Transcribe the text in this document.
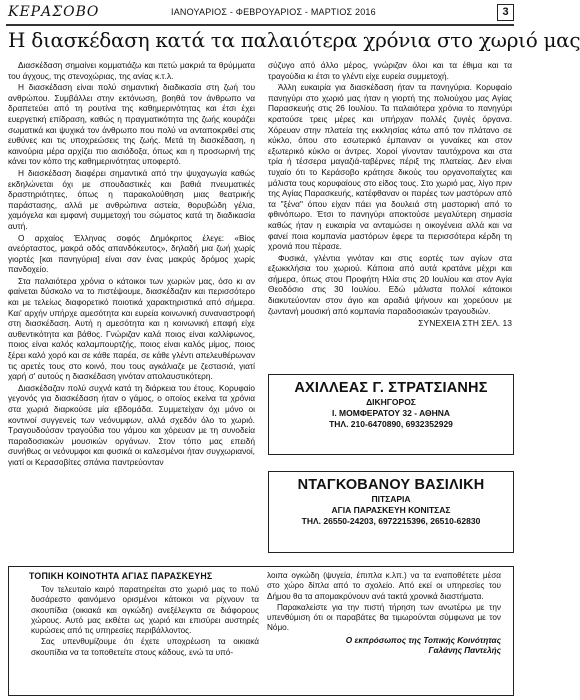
ΚΕΡΑΣΟΒΟ	ΙΑΝΟΥΑΡΙΟΣ - ΦΕΒΡΟΥΑΡΙΟΣ - ΜΑΡΤΙΟΣ 2016	3
Η διασκέδαση κατά τα παλαιότερα χρόνια στο χωριό μας

Διασκέδαση σημαίνει κομματιάζω και πετώ μακριά τα θρύμματα του άγχους, της στενοχώριας, της ανίας κ.τ.λ.

Η διασκέδαση είναι πολύ σημαντική διαδικασία στη ζωή του ανθρώπου. Συμβάλλει στην εκτόνωση, βοηθά τον άνθρωπο να δραπετεύει από τη ρουτίνα της καθημερινότητας και έτσι έχει ευεργετική επίδραση, καθώς η πραγματικότητα της ζωής κουράζει σωματικά και ψυχικά τον άνθρωπο που πολύ να ανταποκριθεί στις ευθύνες και τις υποχρεώσεις της ζωής. Μετά τη διασκέδαση, η καινούρια μέρα αρχίζει πιο αισιόδοξα, όπως και η προσωρινή της κάνει τον κόπο της καθημερινότητας υποφερτό.

Η διασκέδαση διαφέρει σημαντικά από την ψυχαγωγία καθώς εκδηλώνεται όχι με σπουδαστικές και βαθιά πνευματικές δραστηριότητες, όπως η παρακολούθηση μιας θεατρικής παράστασης, αλλά με ανθρώπινα αστεία, θορυβώδη γέλια, χαμόγελα και εμφανή συμμετοχή του σώματος κατά τη διαδικασία αυτή.

Ο αρχαίος Έλληνας σοφός Δημόκριτος έλεγε: «Βίος ανεόρταστος, μακρά οδός απανδόκευτος», δηλαδή μια ζωή χωρίς γιορτές [και πανηγύρια] είναι σαν ένας μακρύς δρόμος χωρίς πανδοχείο.

Στα παλαιότερα χρόνια ο κάτοικοι των χωριών μας, όσο κι αν φαίνεται δύσκολο να το πιστέψουμε, διασκέδαζαν και περισσότερο και με τελείως διαφορετικό ποιοτικά χαρακτηριστικά από σήμερα. Και' αρχήν υπήρχε αμεσότητα και ευρεία κοινωνική συναναστροφή στη διασκέδαση. Αυτή η αμεσότητα και η κοινωνική επαφή είχε αυθεντικότητα και βάθος. Γνώριζαν καλά ποιος είναι καλλίφωνος, ποιος είναι καλός καλαμπουρτζής, ποιος είναι καλός μίμος, ποιος ξέρει καλό χορό και σε κάθε παρέα, σε κάθε γλέντι απελευθέρωναν τις αρετές τους στο κοινό, που τους αγκάλιαζε με ζεστασιά, γιατί χαρή σ' αυτούς η διασκέδαση γινόταν απολαυστικότερη.

Διασκέδαζαν πολύ συχνά κατά τη διάρκεια του έτους. Κορυφαίο γεγονός για διασκέδαση ήταν ο γάμος, ο οποίος εκείνα τα χρόνια στα χωριά διαρκούσε μία εβδομάδα. Συμμετείχαν όχι μόνο οι κοντινοί συγγενείς των νεόνυμφων, αλλά σχεδόν όλο το χωριό. Τραγουδούσαν τραγούδια του γάμου και χόρευαν με τη συνοδεία παραδοσιακών μουσικών οργάνων. Στον τόπο μας επειδή συνήθως οι νεόνυμφοι και φυσικά οι καλεσμένοι ήταν συγχωριανοί, γιατί οι Κερασοβίτες σπάνια παντρεύονταν

σύζυγο από άλλο μέρος, γνώριζαν όλοι και τα έθιμα και τα τραγούδια κι έτσι το γλέντι είχε ευρεία συμμετοχή.

Άλλη ευκαιρία για διασκέδαση ήταν τα πανηγύρια. Κορυφαίο πανηγύρι στο χωριό μας ήταν η γιορτή της πολιούχου μας Αγίας Παρασκευής στις 26 Ιουλίου. Τα παλαιότερα χρόνια το πανηγύρι κρατούσε τρεις μέρες και υπήρχαν πολλές ζυγιές όργανα. Χόρευαν στην πλατεία της εκκλησίας κάτω από τον πλάτανο σε κύκλο, όπου στο εσωτερικό έμπαιναν οι γυναίκες και στον εξωτερικό κύκλο οι άντρες. Χοροί γίνονταν ταυτόχρονα και στα τρία ή τέσσερα μαγαζιά-ταβέρνες πέριξ της πλατείας. Δεν είναι τυχαίο ότι το Κεράσοβο κράτησε δικούς του οργανοπαίχτες και μάλιστα τους κορυφαίους στο είδος τους. Στο χωριό μας, λίγο πριν της Αγίας Παρασκευής, κατέφθαναν οι παρέες των μαστόρων από τα "ξένα" όπου είχαν πάει για δουλειά στη μαστορική από το φθινόπωρο. Έτσι το πανηγύρι αποκτούσε μεγαλύτερη σημασία καθώς ήταν η ευκαιρία να ανταμώσει η οικογένεια αλλά και να φανεί ποια κομπανία μαστόρων έφερε τα περισσότερα κέρδη τη χρονιά που πέρασε.

Φυσικά, γλέντια γινόταν και στις εορτές των αγίων στα εξωκκλήσια του χωριού. Κάποια από αυτά κρατάνε μέχρι και σήμερα, όπως στου Προφήτη Ηλία στις 20 Ιουλίου και στον Αγία Θεοδόσιο στις 30 Ιουλίου. Εδώ μάλιστα πολλοί κάτοικοι διακυτεύονταν στον άγιο και αραδιά ψήνουν και χορεύουν με ζωντανή μουσική από κομπανία παραδοσιακών τραγουδιών.

ΣΥΝΕΧΕΙΑ ΣΤΗ ΣΕΛ. 13
ΑΧΙΛΛΕΑΣ Γ. ΣΤΡΑΤΣΙΑΝΗΣ
ΔΙΚΗΓΟΡΟΣ
Ι. ΜΟΜΦΕΡΑΤΟΥ 32 - ΑΘΗΝΑ
ΤΗΛ. 210-6470890, 6932352929
ΝΤΑΓΚΟΒΑΝΟΥ ΒΑΣΙΛΙΚΗ
ΠΙΤΣΑΡΙΑ
ΑΓΙΑ ΠΑΡΑΣΚΕΥΗ ΚΟΝΙΤΣΑΣ
ΤΗΛ. 26550-24203, 6972215396, 26510-62830
ΤΟΠΙΚΗ ΚΟΙΝΟΤΗΤΑ ΑΓΙΑΣ ΠΑΡΑΣΚΕΥΗΣ

Τον τελευταίο καιρό παρατηρείται στο χωριό μας το πολύ δυσάρεστο φαινόμενο ορισμένοι κάτοικοι να ρίχνουν τα σκουπίδια (οικιακά και ογκώδη) ανεξέλεγκτα σε διάφορους χώρους. Αυτό μας εκθέτει ως χωριό και επισύρει αυστηρές κυρώσεις από τις υπηρεσίες περιβάλλοντος.

Σας υπενθυμίζουμε ότι έχετε υποχρέωση τα οικιακά σκουπίδια να τα τοποθετείτε στους κάδους, ενώ τα υπό-

λοιπα ογκώδη (ψυγεία, έπιπλα κ.λπ.) να τα εναποθέτετε μέσα στο χώρο δίπλα από το σχολείο. Από εκεί οι υπηρεσίες του Δήμου θα τα απομακρύνουν ανά τακτά χρονικά διαστήματα.

Παρακαλείστε για την πιστή τήρηση των ανωτέρω με την υπενθύμιση ότι οι παραβάτες θα τιμωρούνται σύμφωνα με τον Νόμο.

Ο εκπρόσωπος της Τοπικής Κοινότητας
Γαλάνης Παντελής
